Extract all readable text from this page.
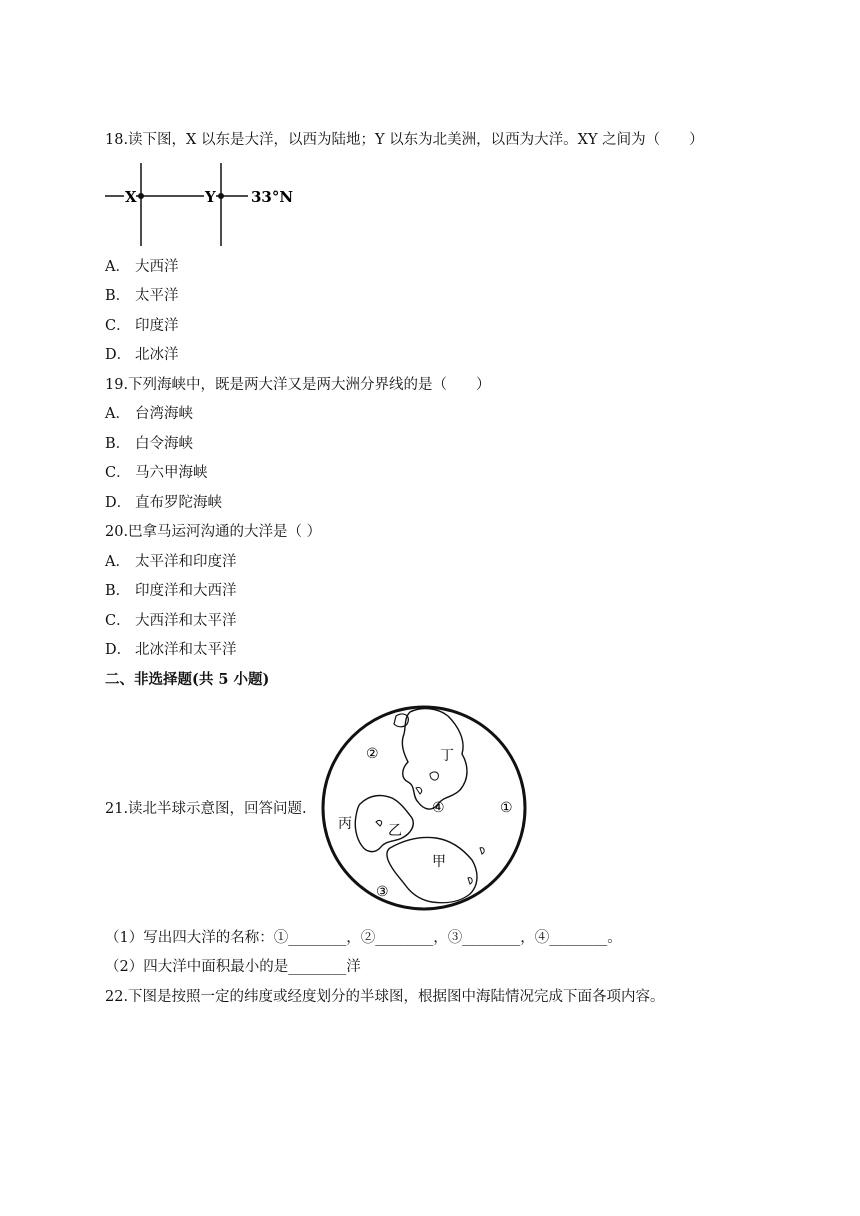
18.读下图，X 以东是大洋，以西为陆地；Y 以东为北美洲，以西为大洋。XY 之间为（　　）
X	Y 33°N
A． 大西洋
B． 太平洋
C． 印度洋
D． 北冰洋
19.下列海峡中，既是两大洋又是两大洲分界线的是（　　）
A． 台湾海峡
B． 白令海峡
C． 马六甲海峡
D． 直布罗陀海峡
20.巴拿马运河沟通的大洋是（ ）
A． 太平洋和印度洋
B． 印度洋和大西洋
C． 大西洋和太平洋
D． 北冰洋和太平洋
二、非选择题(共 5 小题)
21.读北半球示意图，回答问题.
②	丁
④	①
丙	乙
甲
③
（1）写出四大洋的名称：①________，②________，③________，④________。
（2）四大洋中面积最小的是________洋
22.下图是按照一定的纬度或经度划分的半球图，根据图中海陆情况完成下面各项内容。
